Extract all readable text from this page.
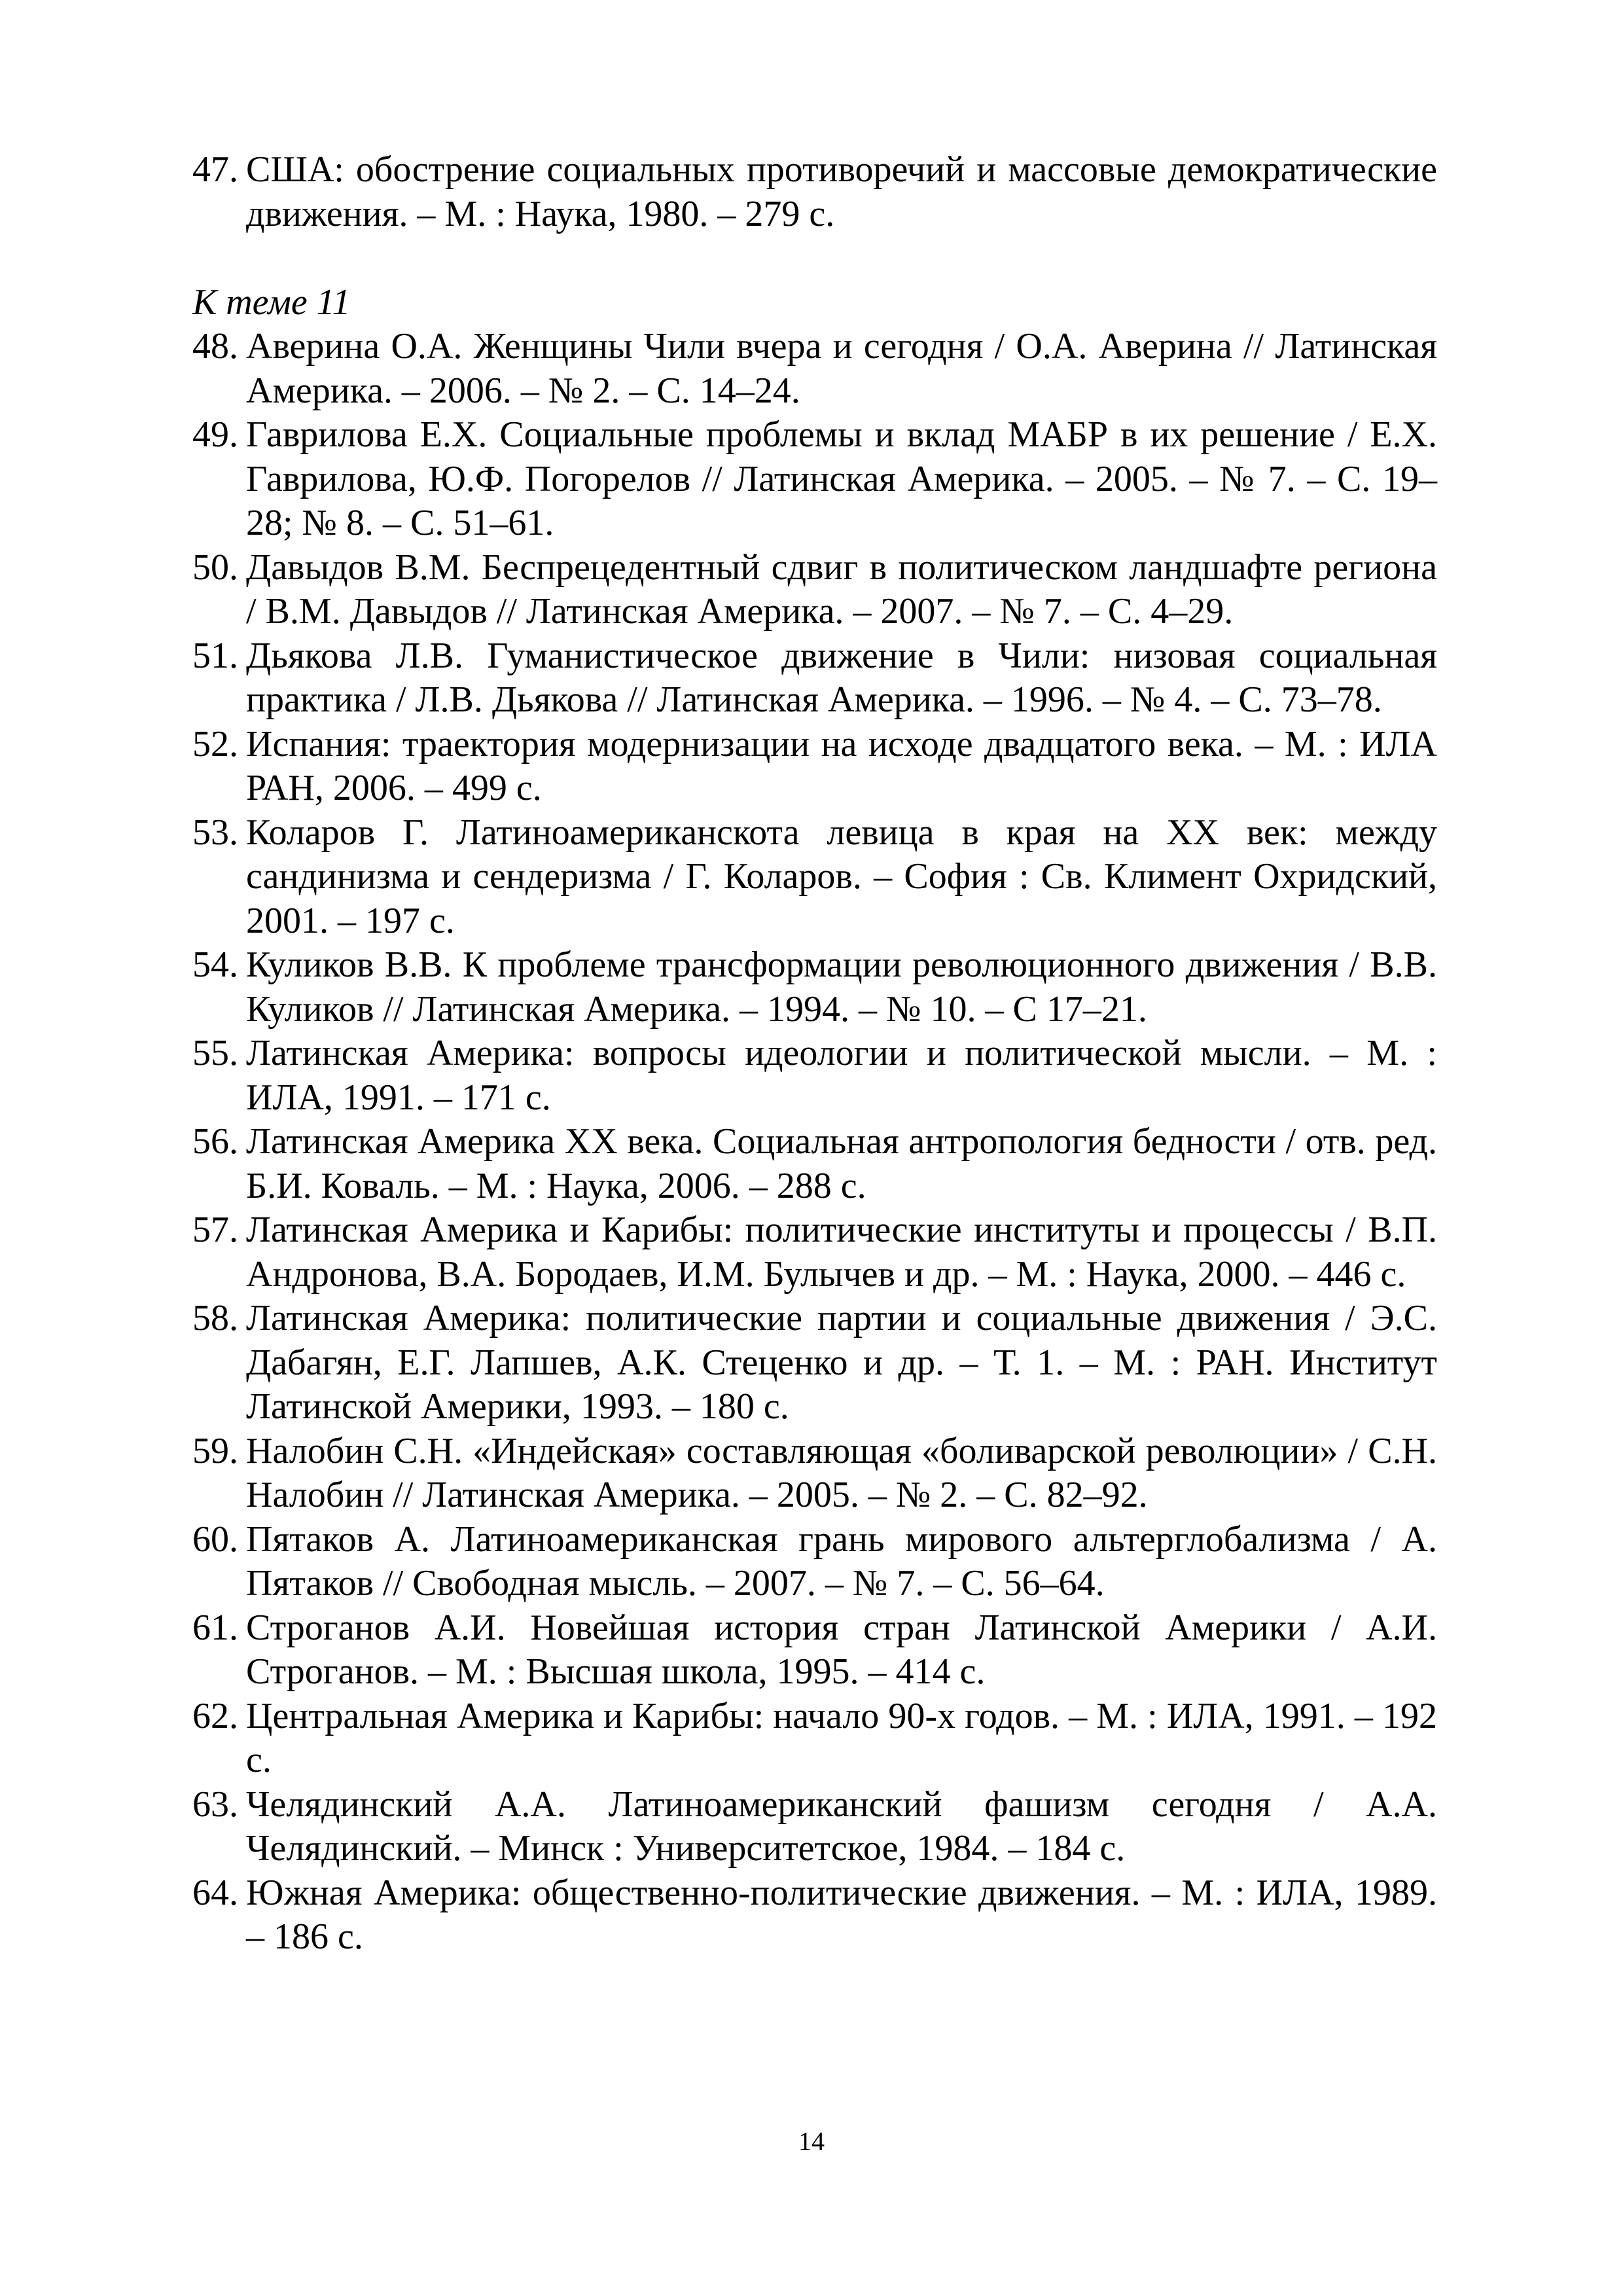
47. США: обострение социальных противоречий и массовые демократические движения. – М. : Наука, 1980. – 279 с.
К теме 11
48. Аверина О.А. Женщины Чили вчера и сегодня / О.А. Аверина // Латинская Америка. – 2006. – № 2. – С. 14–24.
49. Гаврилова Е.Х. Социальные проблемы и вклад МАБР в их решение / Е.Х. Гаврилова, Ю.Ф. Погорелов // Латинская Америка. – 2005. – № 7. – С. 19–28; № 8. – С. 51–61.
50. Давыдов В.М. Беспрецедентный сдвиг в политическом ландшафте региона / В.М. Давыдов // Латинская Америка. – 2007. – № 7. – С. 4–29.
51. Дьякова Л.В. Гуманистическое движение в Чили: низовая социальная практика / Л.В. Дьякова // Латинская Америка. – 1996. – № 4. – С. 73–78.
52. Испания: траектория модернизации на исходе двадцатого века. – М. : ИЛА РАН, 2006. – 499 с.
53. Коларов Г. Латиноамериканскота левица в края на ХХ век: между сандинизма и сендеризма / Г. Коларов. – София : Св. Климент Охридский, 2001. – 197 с.
54. Куликов В.В. К проблеме трансформации революционного движения / В.В. Куликов // Латинская Америка. – 1994. – № 10. – С 17–21.
55. Латинская Америка: вопросы идеологии и политической мысли. – М. : ИЛА, 1991. – 171 с.
56. Латинская Америка ХХ века. Социальная антропология бедности / отв. ред. Б.И. Коваль. – М. : Наука, 2006. – 288 с.
57. Латинская Америка и Карибы: политические институты и процессы / В.П. Андронова, В.А. Бородаев, И.М. Булычев и др. – М. : Наука, 2000. – 446 с.
58. Латинская Америка: политические партии и социальные движения / Э.С. Дабагян, Е.Г. Лапшев, А.К. Стеценко и др. – Т. 1. – М. : РАН. Институт Латинской Америки, 1993. – 180 с.
59. Налобин С.Н. «Индейская» составляющая «боливарской революции» / С.Н. Налобин // Латинская Америка. – 2005. – № 2. – С. 82–92.
60. Пятаков А. Латиноамериканская грань мирового альтерглобализма / А. Пятаков // Свободная мысль. – 2007. – № 7. – С. 56–64.
61. Строганов А.И. Новейшая история стран Латинской Америки / А.И. Строганов. – М. : Высшая школа, 1995. – 414 с.
62. Центральная Америка и Карибы: начало 90-х годов. – М. : ИЛА, 1991. – 192 с.
63. Челядинский А.А. Латиноамериканский фашизм сегодня / А.А. Челядинский. – Минск : Университетское, 1984. – 184 с.
64. Южная Америка: общественно-политические движения. – М. : ИЛА, 1989. – 186 с.
14
